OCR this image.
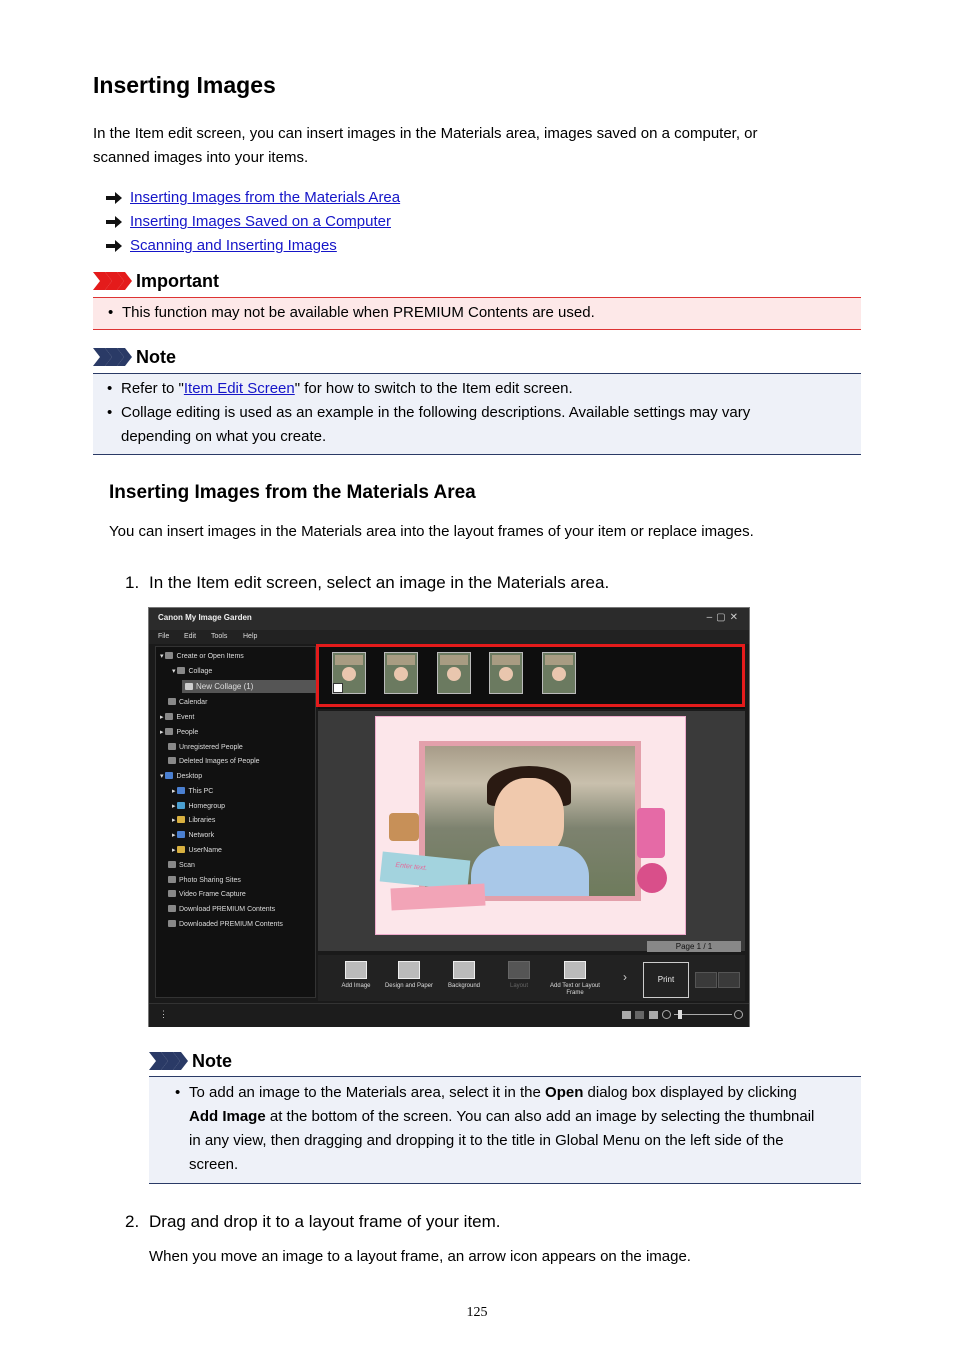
Inserting Images
In the Item edit screen, you can insert images in the Materials area, images saved on a computer, or
scanned images into your items.
Inserting Images from the Materials Area
Inserting Images Saved on a Computer
Scanning and Inserting Images
Important
• This function may not be available when PREMIUM Contents are used.
Note
• Refer to "Item Edit Screen" for how to switch to the Item edit screen.
• Collage editing is used as an example in the following descriptions. Available settings may vary
depending on what you create.
Inserting Images from the Materials Area
You can insert images in the Materials area into the layout frames of your item or replace images.
1. In the Item edit screen, select an image in the Materials area.
Canon My Image Garden	–▢✕
File Edit Tools Help
▾ Create or Open Items
▾ Collage
New Collage (1)
Calendar
▸ Event
▸ People
Unregistered People
Deleted Images of People
▾ Desktop
▸ This PC
▸ Homegroup
▸ Libraries
▸ Network
▸ UserName
Scan
Photo Sharing Sites
Video Frame Capture
Download PREMIUM Contents
Downloaded PREMIUM Contents
Enter text.
Page 1 / 1
Add Image	Design and Paper	Background	Layout	Add Text or Layout Frame
›	Print
⋮
Note
• To add an image to the Materials area, select it in the Open dialog box displayed by clicking
Add Image at the bottom of the screen. You can also add an image by selecting the thumbnail
in any view, then dragging and dropping it to the title in Global Menu on the left side of the
screen.
2. Drag and drop it to a layout frame of your item.
When you move an image to a layout frame, an arrow icon appears on the image.
125
